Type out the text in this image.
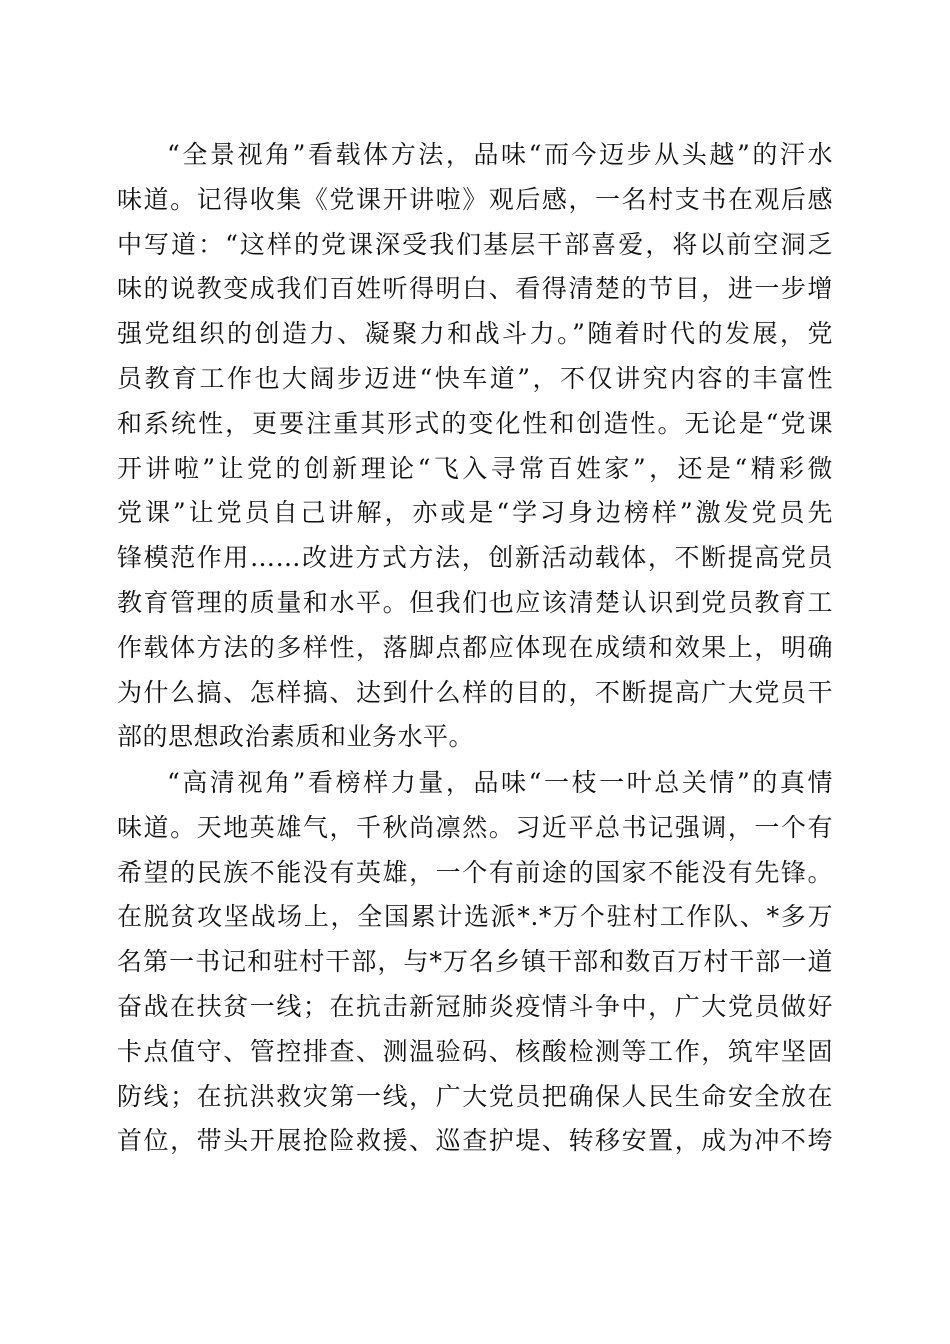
“全景视角”看载体方法，品味“而今迈步从头越”的汗水
味道。记得收集《党课开讲啦》观后感，一名村支书在观后感
中写道：“这样的党课深受我们基层干部喜爱，将以前空洞乏
味的说教变成我们百姓听得明白、看得清楚的节目，进一步增
强党组织的创造力、凝聚力和战斗力。”随着时代的发展，党
员教育工作也大阔步迈进“快车道”，不仅讲究内容的丰富性
和系统性，更要注重其形式的变化性和创造性。无论是“党课
开讲啦”让党的创新理论“飞入寻常百姓家”，还是“精彩微
党课”让党员自己讲解，亦或是“学习身边榜样”激发党员先
锋模范作用……改进方式方法，创新活动载体，不断提高党员
教育管理的质量和水平。但我们也应该清楚认识到党员教育工
作载体方法的多样性，落脚点都应体现在成绩和效果上，明确
为什么搞、怎样搞、达到什么样的目的，不断提高广大党员干
部的思想政治素质和业务水平。
“高清视角”看榜样力量，品味“一枝一叶总关情”的真情
味道。天地英雄气，千秋尚凛然。习近平总书记强调，一个有
希望的民族不能没有英雄，一个有前途的国家不能没有先锋。
在脱贫攻坚战场上，全国累计选派*.*万个驻村工作队、*多万
名第一书记和驻村干部，与*万名乡镇干部和数百万村干部一道
奋战在扶贫一线；在抗击新冠肺炎疫情斗争中，广大党员做好
卡点值守、管控排查、测温验码、核酸检测等工作，筑牢坚固
防线；在抗洪救灾第一线，广大党员把确保人民生命安全放在
首位，带头开展抢险救援、巡查护堤、转移安置，成为冲不垮
